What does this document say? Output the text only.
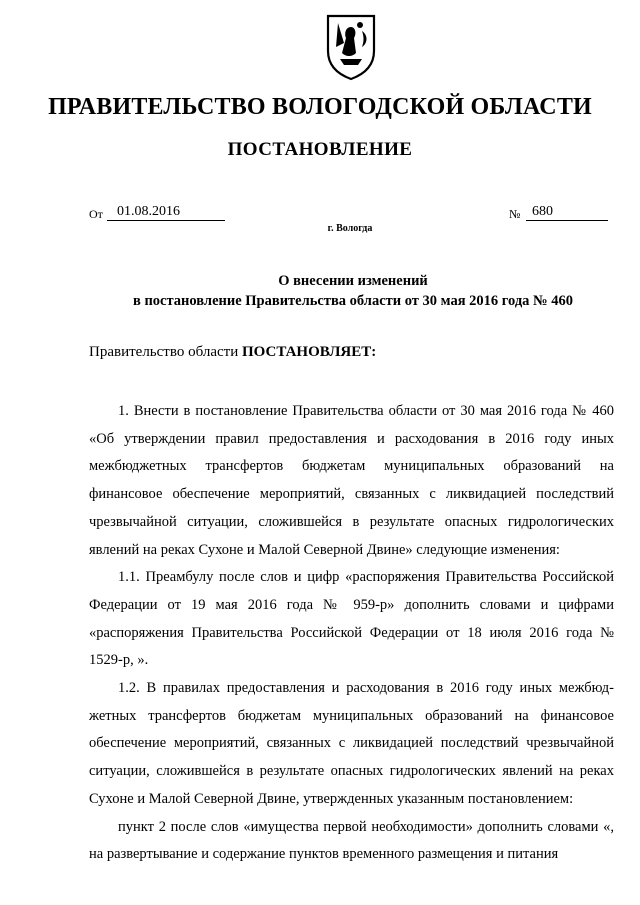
ПРАВИТЕЛЬСТВО ВОЛОГОДСКОЙ ОБЛАСТИ
ПОСТАНОВЛЕНИЕ
От	01.08.2016	№ 680
г. Вологда
О внесении изменений
в постановление Правительства области от 30 мая 2016 года № 460
Правительство области ПОСТАНОВЛЯЕТ:

1. Внести в постановление Правительства области от 30 мая 2016 года № 460 «Об утверждении правил предоставления и расходования в 2016 году иных межбюджетных трансфертов бюджетам муниципальных образований на финансовое обеспечение мероприятий, связанных с ликвидацией последствий чрезвычайной ситуации, сложившейся в результате опасных гидрологических явлений на реках Сухоне и Малой Северной Двине» следующие изменения:

1.1. Преамбулу после слов и цифр «распоряжения Правительства Российской Федерации от 19 мая 2016 года № 959-р» дополнить словами и цифрами «распоряжения Правительства Российской Федерации от 18 июля 2016 года № 1529-р, ».

1.2. В правилах предоставления и расходования в 2016 году иных межбюджетных трансфертов бюджетам муниципальных образований на финансовое обеспечение мероприятий, связанных с ликвидацией последствий чрезвычайной ситуации, сложившейся в результате опасных гидрологических явлений на реках Сухоне и Малой Северной Двине, утвержденных указанным постановлением:

пункт 2 после слов «имущества первой необходимости» дополнить словами «, на развертывание и содержание пунктов временного размещения и питания
